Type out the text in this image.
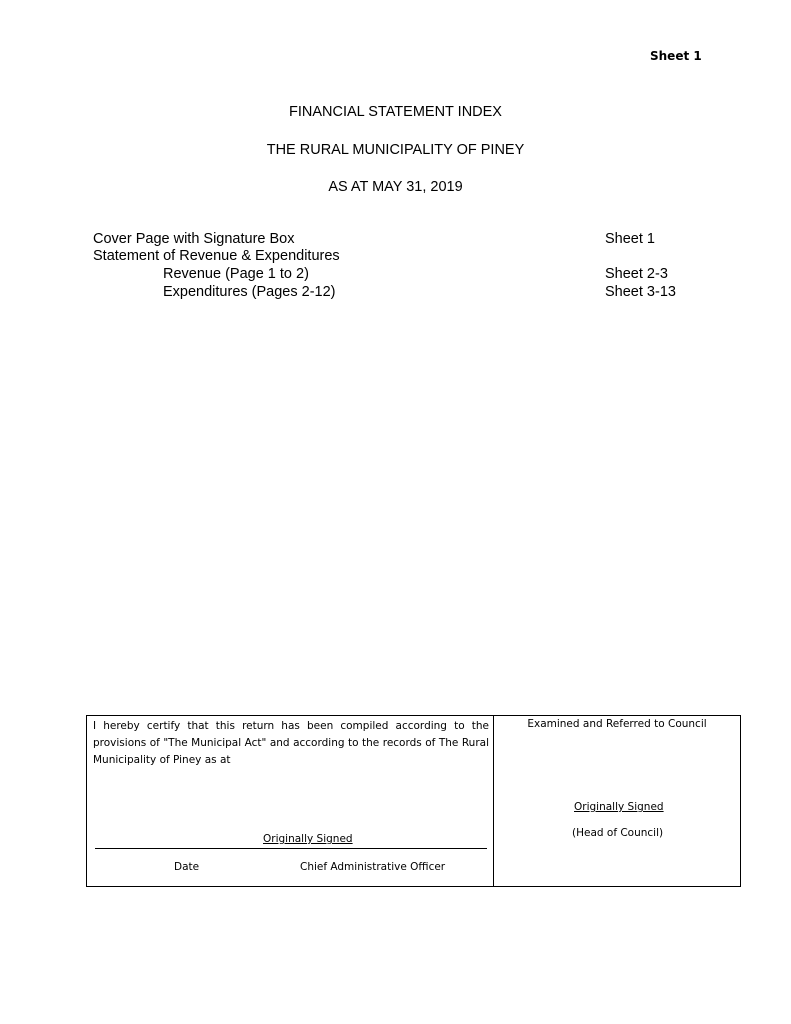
Sheet 1
FINANCIAL STATEMENT INDEX
THE RURAL MUNICIPALITY OF PINEY
AS AT MAY 31, 2019
Cover Page with Signature Box	Sheet 1
Statement of Revenue & Expenditures
Revenue (Page 1 to 2)	Sheet 2-3
Expenditures (Pages 2-12)	Sheet 3-13
I hereby certify that this return has been compiled according to the provisions of "The Municipal Act" and according to the records of The Rural Municipality of Piney as at
Originally Signed
Date	Chief Administrative Officer
Examined and Referred to Council
Originally Signed
(Head of Council)
